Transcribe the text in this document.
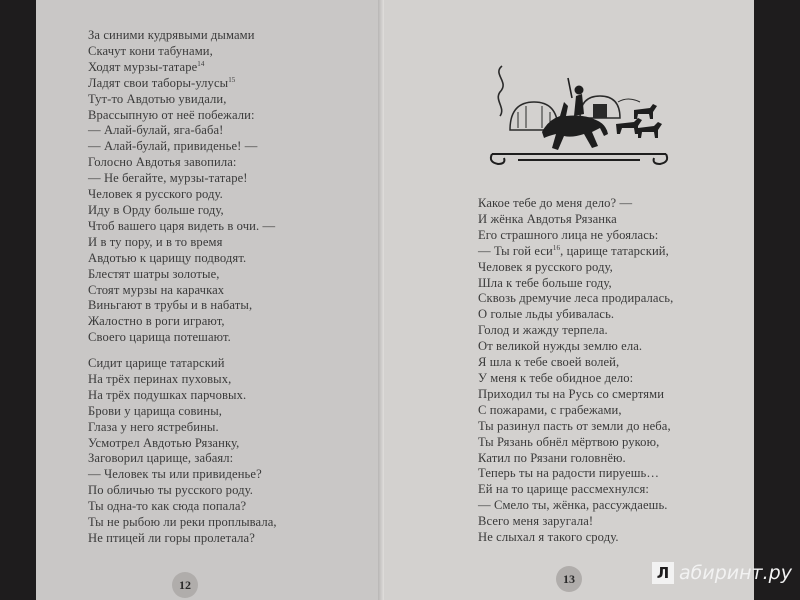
За синими кудрявыми дымами
Скачут кони табунами,
Ходят мурзы-татаре$^{14}$
Ладят свои таборы-улусы$^{15}$
Тут-то Авдотью увидали,
Врассыпную от неё побежали:
— Алай-булай, яга-баба!
— Алай-булай, привиденье! —
Голосно Авдотья завопила:
— Не бегайте, мурзы-татаре!
Человек я русского роду.
Иду в Орду больше году,
Чтоб вашего царя видеть в очи. —
И в ту пору, и в то время
Авдотью к царищу подводят.
Блестят шатры золотые,
Стоят мурзы на карачках
Виньгают в трубы и в набаты,
Жалостно в роги играют,
Своего царища потешают.
Сидит царище татарский
На трёх перинах пуховых,
На трёх подушках парчовых.
Брови у царища совины,
Глаза у него ястребины.
Усмотрел Авдотью Рязанку,
Заговорил царище, забаял:
— Человек ты или привиденье?
По обличью ты русского роду.
Ты одна-то как сюда попала?
Ты не рыбою ли реки проплывала,
Не птицей ли горы пролетала?
12
Какое тебе до меня дело? —
И жёнка Авдотья Рязанка
Его страшного лица не убоялась:
— Ты гой еси$^{16}$, царище татарский,
Человек я русского роду,
Шла к тебе больше году,
Сквозь дремучие леса продиралась,
О голые льды убивалась.
Голод и жажду терпела.
От великой нужды землю ела.
Я шла к тебе своей волей,
У меня к тебе обидное дело:
Приходил ты на Русь со смертями
С пожарами, с грабежами,
Ты разинул пасть от земли до неба,
Ты Рязань обнёл мёртвою рукою,
Катил по Рязани головнёю.
Теперь ты на радости пируешь…
Ей на то царище рассмехнулся:
— Смело ты, жёнка, рассуждаешь.
Всего меня заругала!
Не слыхал я такого сроду.
13	Л абиринт.ру
